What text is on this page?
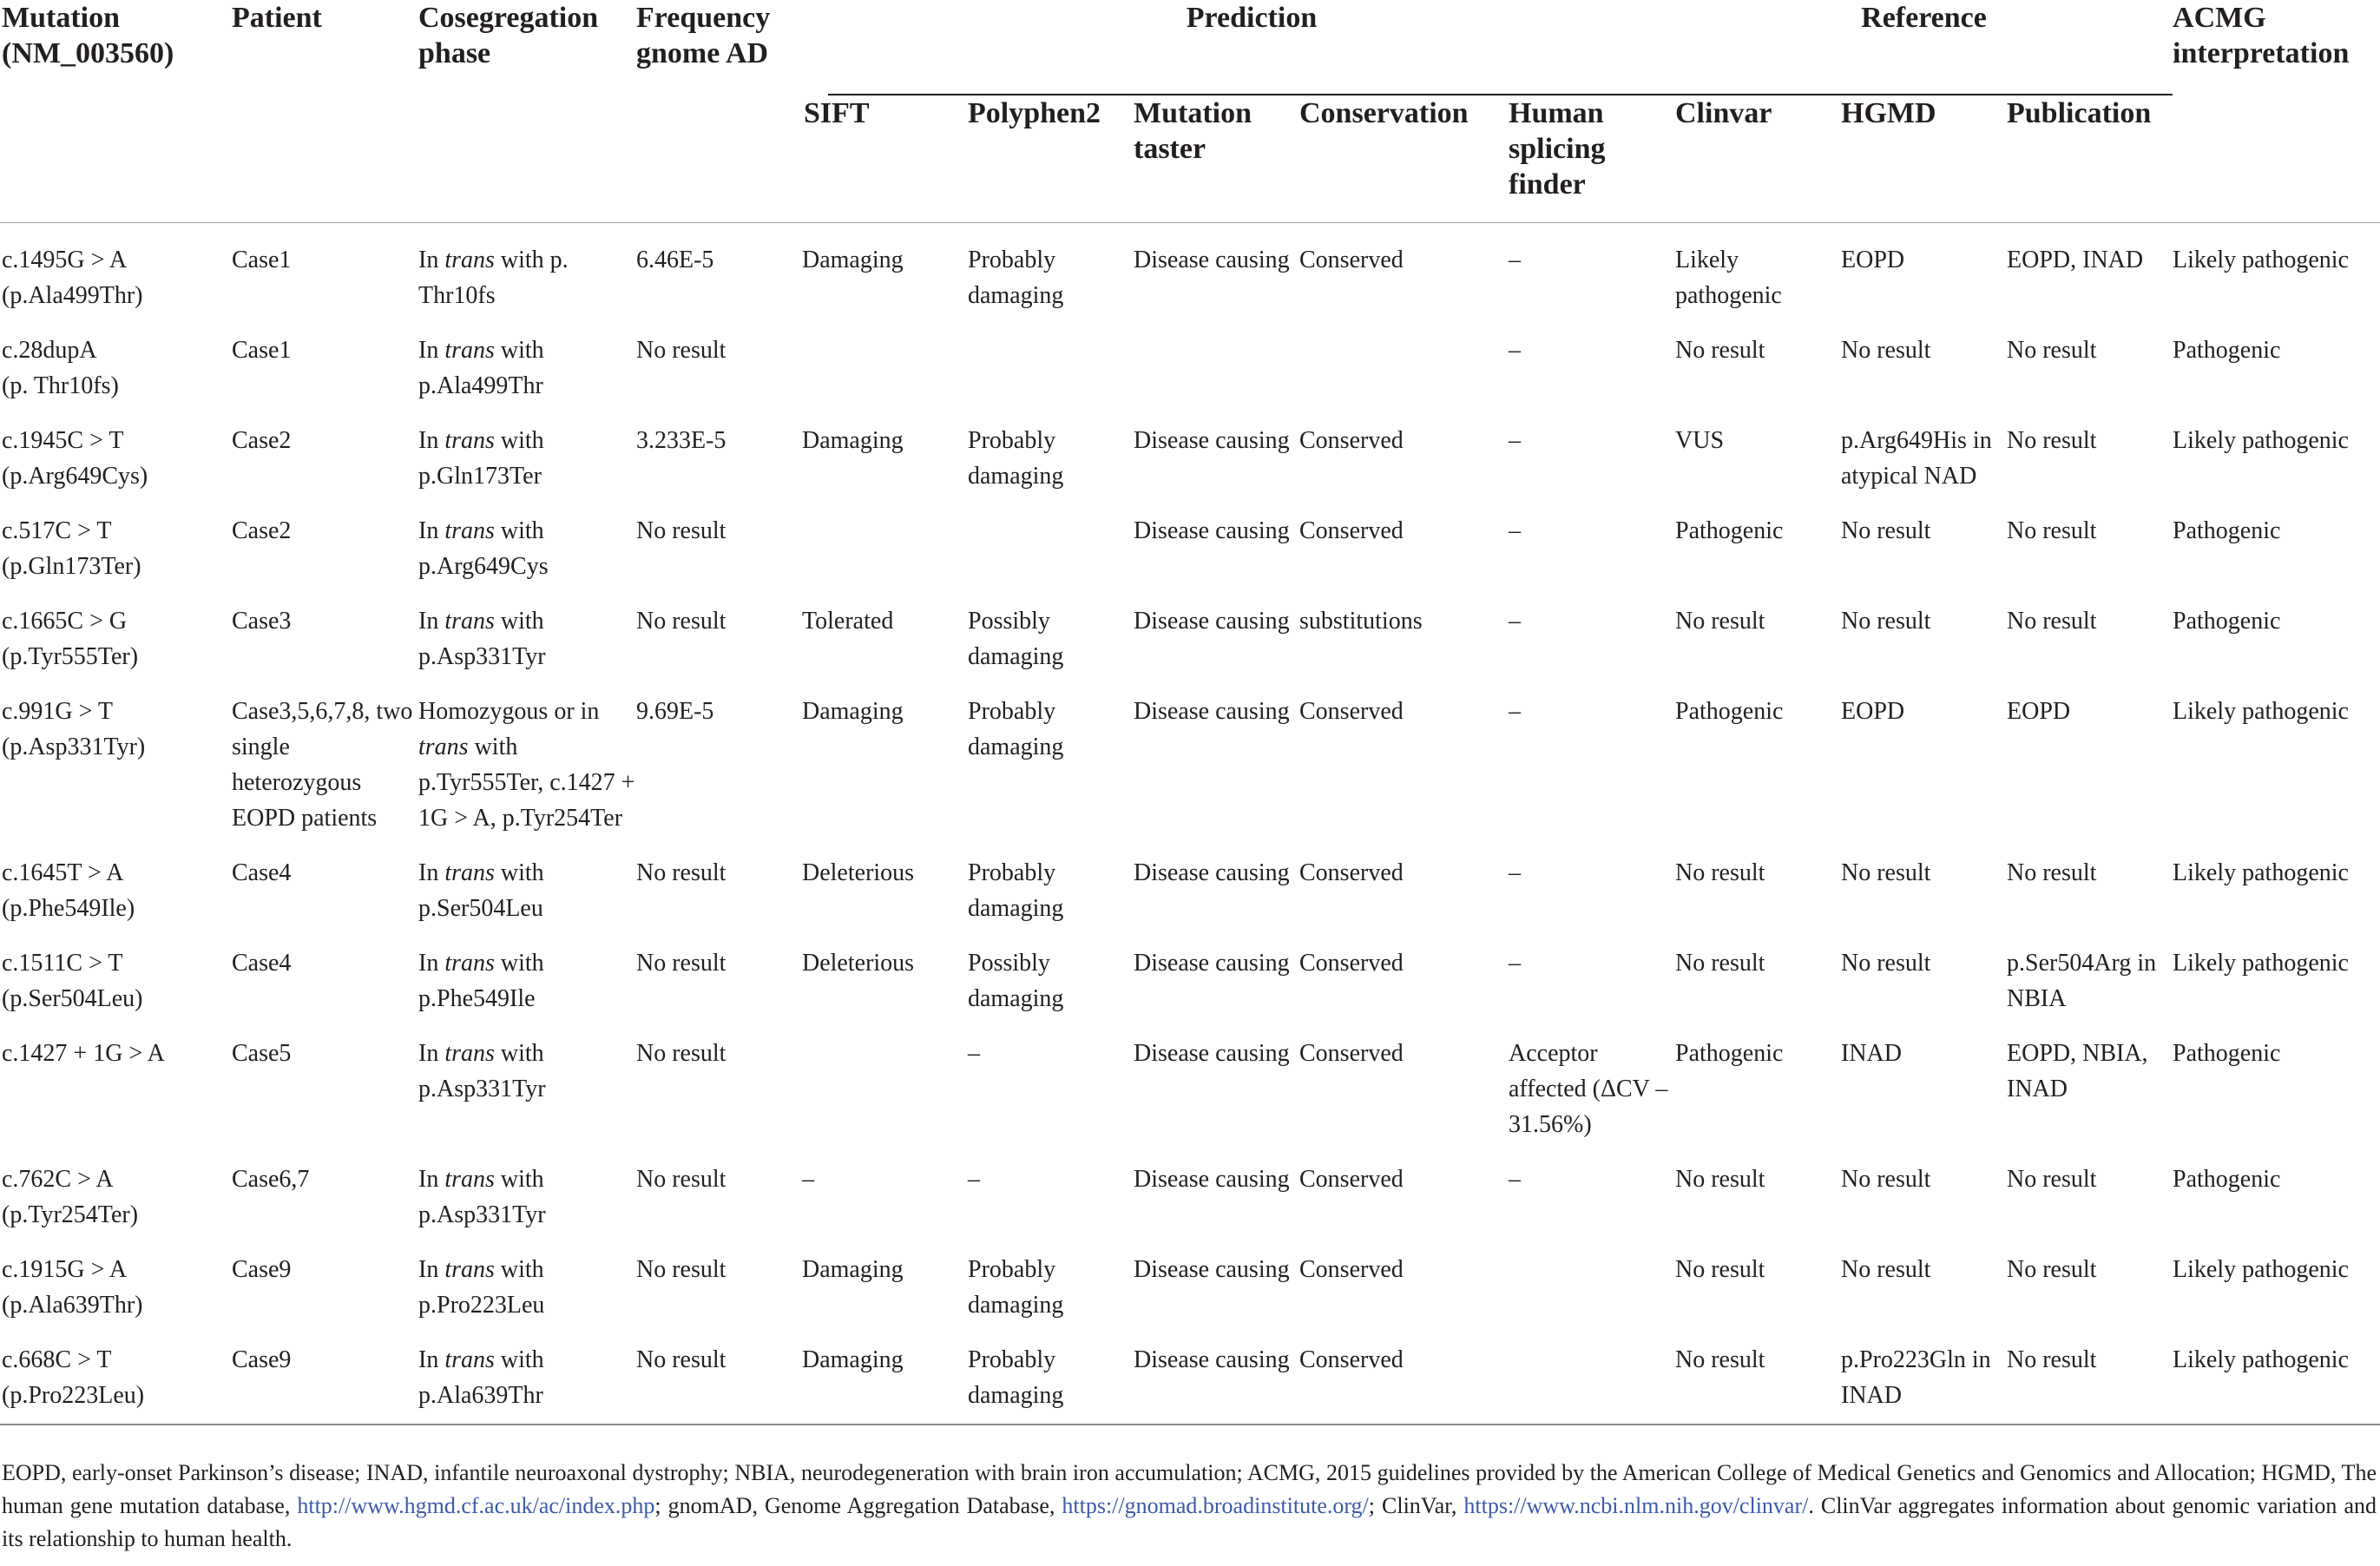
Mutation (NM_003560)	Patient	Cosegregation phase	Frequency gnome AD	Prediction					Reference			ACMG interpretation
				SIFT	Polyphen2	Mutation taster	Conservation	Human splicing finder	Clinvar	HGMD	Publication	

c.1495G > A
(p.Ala499Thr)	Case1	In trans with p. Thr10fs	6.46E-5	Damaging	Probably damaging	Disease causing	Conserved	–	Likely pathogenic	EOPD	EOPD, INAD	Likely pathogenic

c.28dupA
(p. Thr10fs)	Case1	In trans with p.Ala499Thr	No result					–	No result	No result	No result	Pathogenic

c.1945C > T
(p.Arg649Cys)	Case2	In trans with p.Gln173Ter	3.233E-5	Damaging	Probably damaging	Disease causing	Conserved	–	VUS	p.Arg649His in atypical NAD	No result	Likely pathogenic

c.517C > T
(p.Gln173Ter)	Case2	In trans with p.Arg649Cys	No result			Disease causing	Conserved	–	Pathogenic	No result	No result	Pathogenic

c.1665C > G
(p.Tyr555Ter)	Case3	In trans with p.Asp331Tyr	No result	Tolerated	Possibly damaging	Disease causing	substitutions	–	No result	No result	No result	Pathogenic

c.991G > T
(p.Asp331Tyr)	Case3,5,6,7,8, two single heterozygous EOPD patients	Homozygous or in trans with p.Tyr555Ter, c.1427 + 1G > A, p.Tyr254Ter	9.69E-5	Damaging	Probably damaging	Disease causing	Conserved	–	Pathogenic	EOPD	EOPD	Likely pathogenic

c.1645T > A
(p.Phe549Ile)	Case4	In trans with p.Ser504Leu	No result	Deleterious	Probably damaging	Disease causing	Conserved	–	No result	No result	No result	Likely pathogenic

c.1511C > T
(p.Ser504Leu)	Case4	In trans with p.Phe549Ile	No result	Deleterious	Possibly damaging	Disease causing	Conserved	–	No result	No result	p.Ser504Arg in NBIA	Likely pathogenic

c.1427 + 1G > A	Case5	In trans with p.Asp331Tyr	No result		–	Disease causing	Conserved	Acceptor affected (ΔCV – 31.56%)	Pathogenic	INAD	EOPD, NBIA, INAD	Pathogenic

c.762C > A
(p.Tyr254Ter)	Case6,7	In trans with p.Asp331Tyr	No result	–	–	Disease causing	Conserved	–	No result	No result	No result	Pathogenic

c.1915G > A
(p.Ala639Thr)	Case9	In trans with p.Pro223Leu	No result	Damaging	Probably damaging	Disease causing	Conserved		No result	No result	No result	Likely pathogenic

c.668C > T
(p.Pro223Leu)	Case9	In trans with p.Ala639Thr	No result	Damaging	Probably damaging	Disease causing	Conserved		No result	p.Pro223Gln in INAD	No result	Likely pathogenic
EOPD, early-onset Parkinson’s disease; INAD, infantile neuroaxonal dystrophy; NBIA, neurodegeneration with brain iron accumulation; ACMG, 2015 guidelines provided by the American College of Medical Genetics and Genomics and Allocation; HGMD, The human gene mutation database, http://www.hgmd.cf.ac.uk/ac/index.php; gnomAD, Genome Aggregation Database, https://gnomad.broadinstitute.org/; ClinVar, https://www.ncbi.nlm.nih.gov/clinvar/. ClinVar aggregates information about genomic variation and its relationship to human health.
